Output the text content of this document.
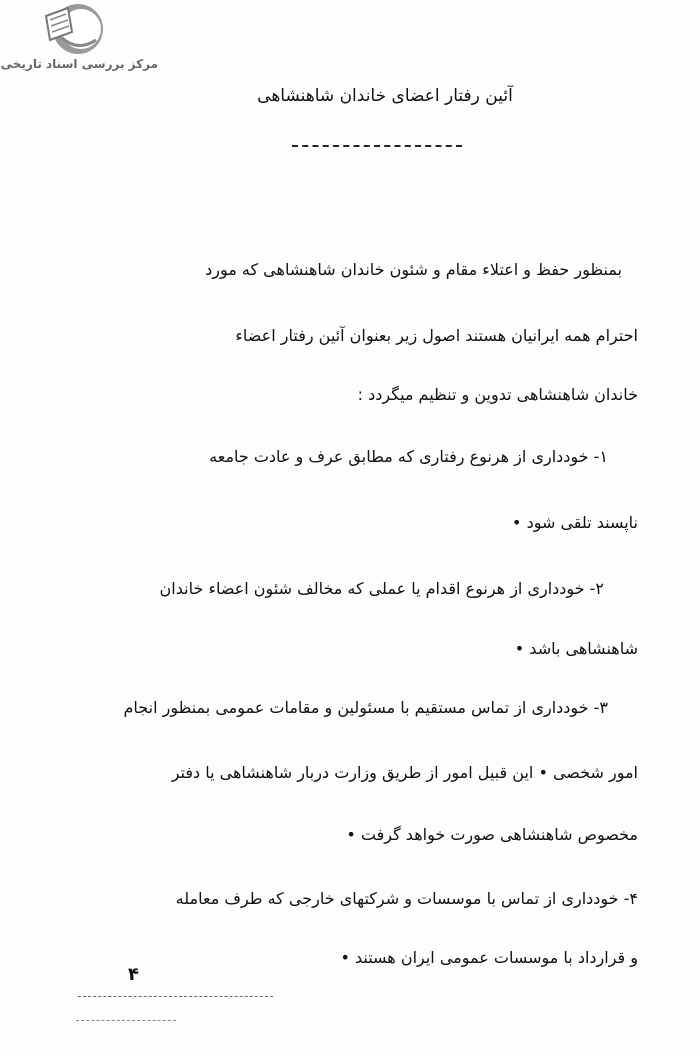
مرکز بررسی اسناد تاریخی
آئین رفتار اعضای خاندان شاهنشاهی
بمنظور حفظ و اعتلاء مقام و شئون خاندان شاهنشاهی که مورد
احترام همه ایرانیان هستند اصول زیر بعنوان آئین رفتار اعضاء
خاندان شاهنشاهی تدوین و تنظیم میگردد :
۱- خودداری از هرنوع رفتاری که مطابق عرف و عادت جامعه
ناپسند تلقی شود •
۲- خودداری از هرنوع اقدام یا عملی که مخالف شئون اعضاء خاندان
شاهنشاهی باشد •
۳- خودداری از تماس مستقیم با مسئولین و مقامات عمومی بمنظور انجام
امور شخصی • این قبیل امور از طریق وزارت دربار شاهنشاهی یا دفتر
مخصوص شاهنشاهی صورت خواهد گرفت •
۴- خودداری از تماس با موسسات و شرکتهای خارجی که طرف معامله
و قرارداد با موسسات عمومی ایران هستند •
۴
